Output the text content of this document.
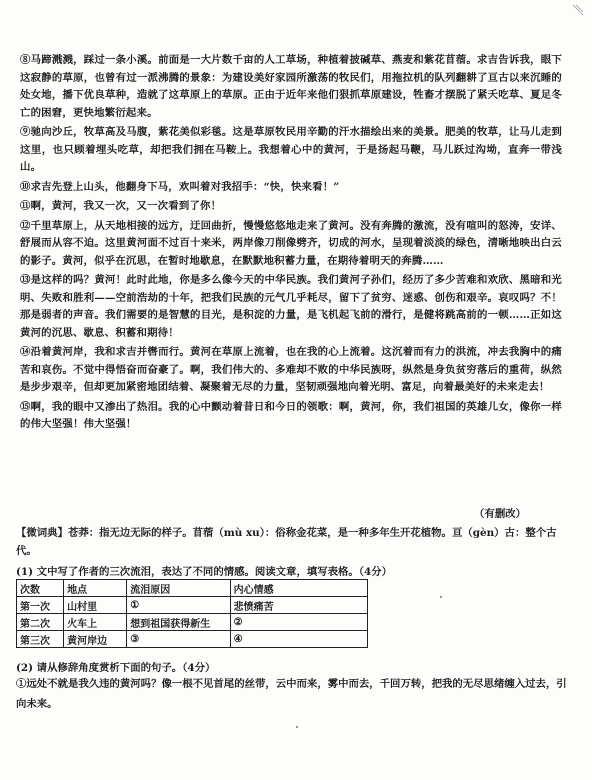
⑧马蹄溅溅，踩过一条小溪。前面是一大片数千亩的人工草场，种植着披碱草、燕麦和紫花苜蓿。求吉告诉我，眼下这寂静的草原，也曾有过一派沸腾的景象：为建设美好家园所激荡的牧民们，用拖拉机的队列翻耕了亘古以来沉睡的处女地，播下优良草种，造就了这草原上的草原。正由于近年来他们狠抓草原建设，牲畜才摆脱了紧夭吃草、夏足冬亡的困窘，更快地繁衍起来。

⑨驰向沙丘，牧草高及马腹，紫花美似彩毯。这是草原牧民用辛勤的汗水描绘出来的美景。肥美的牧草，让马儿走到这里，也只顾着埋头吃草，却把我们拥在马鞍上。我想着心中的黄河，于是扬起马鞭，马儿跃过沟坳，直奔一带浅山。

⑩求吉先登上山头，他翻身下马，欢叫着对我招手：“快，快来看！”

⑪啊，黄河，我又一次，又一次看到了你！

⑫千里草原上，从天地相接的远方，迂回曲折，慢慢悠悠地走来了黄河。没有奔腾的激流，没有喧叫的怒涛，安详、舒展而从容不迫。这里黄河面不过百十来米，两岸像刀削像劈齐，切成的河水，呈现着淡淡的绿色，清晰地映出白云的影子。黄河，似乎在沉思，在暂时地歇息，在默默地积蓄力量，在期待着明天的奔腾……

⑬是这样的吗？黄河！此时此地，你是多么像今天的中华民族。我们黄河子孙们，经历了多少苦难和欢欣、黑暗和光明、失败和胜利——空前浩劫的十年，把我们民族的元气几乎耗尽，留下了贫穷、迷惑、创伤和艰辛。哀叹吗？不！那是弱者的声音。我们需要的是智慧的目光，是积淀的力量，是飞机起飞前的滑行，是健将跳高前的一顿……正如这黄河的沉思、歇息、积蓄和期待！

⑭沿着黄河岸，我和求吉并辔而行。黄河在草原上流着，也在我的心上流着。这沉着而有力的洪流，冲去我胸中的痛苦和哀伤。不觉中得悟奋而奋豪了。啊，我们伟大的、多难却不败的中华民族呀，纵然是身负贫穷落后的重荷，纵然是步步艰辛，但却更加紧密地团结着、凝聚着无尽的力量，坚韧顽强地向着光明、富足，向着最美好的未来走去！

⑮啊，我的眼中又渗出了热泪。我的心中颤动着昔日和今日的领歌：啊，黄河，你，我们祖国的英雄儿女，像你一样的伟大坚强！伟大坚强！

（有删改）
【微词典】苍莽：指无边无际的样子。苜蓿（mù xu）：俗称金花菜，是一种多年生开花植物。亘（gèn）古：整个古代。
(1) 文中写了作者的三次流泪，表达了不同的情感。阅读文章，填写表格。（4分）
次数	地点	流泪原因	内心情感
第一次	山村里	①	悲愤痛苦
第二次	火车上	想到祖国获得新生	②
第三次	黄河岸边	③	④
(2) 请从修辞角度赏析下面的句子。（4分）
①远处不就是我久违的黄河吗？像一根不见首尾的丝带，云中而来，雾中而去，千回万转，把我的无尽思绪缠入过去，引向未来。
